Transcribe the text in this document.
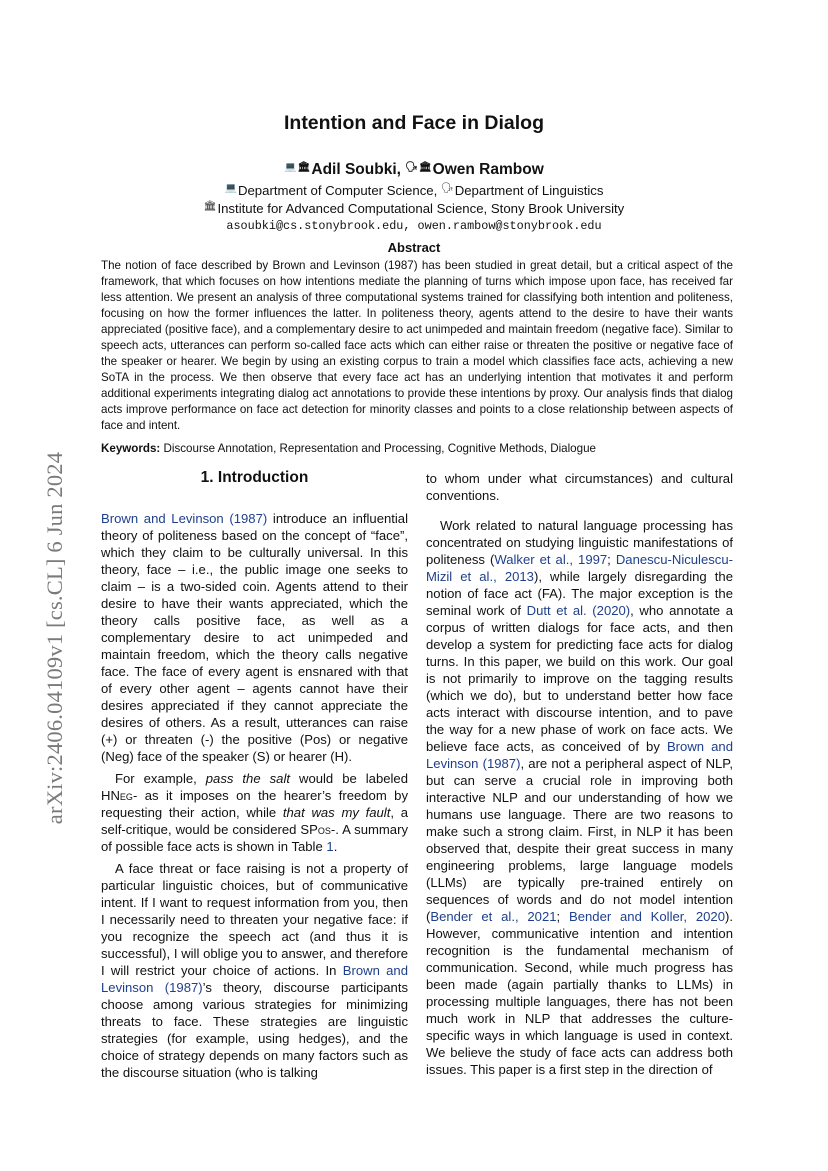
arXiv:2406.04109v1 [cs.CL] 6 Jun 2024
Intention and Face in Dialog
💻🏛Adil Soubki, 🗣🏛Owen Rambow
💻Department of Computer Science, 🗣Department of Linguistics
🏛Institute for Advanced Computational Science, Stony Brook University
asoubki@cs.stonybrook.edu, owen.rambow@stonybrook.edu
Abstract
The notion of face described by Brown and Levinson (1987) has been studied in great detail, but a critical aspect of the framework, that which focuses on how intentions mediate the planning of turns which impose upon face, has received far less attention. We present an analysis of three computational systems trained for classifying both intention and politeness, focusing on how the former influences the latter. In politeness theory, agents attend to the desire to have their wants appreciated (positive face), and a complementary desire to act unimpeded and maintain freedom (negative face). Similar to speech acts, utterances can perform so-called face acts which can either raise or threaten the positive or negative face of the speaker or hearer. We begin by using an existing corpus to train a model which classifies face acts, achieving a new SoTA in the process. We then observe that every face act has an underlying intention that motivates it and perform additional experiments integrating dialog act annotations to provide these intentions by proxy. Our analysis finds that dialog acts improve performance on face act detection for minority classes and points to a close relationship between aspects of face and intent.
Keywords: Discourse Annotation, Representation and Processing, Cognitive Methods, Dialogue
1. Introduction

Brown and Levinson (1987) introduce an influential theory of politeness based on the concept of “face”, which they claim to be culturally universal. In this theory, face – i.e., the public image one seeks to claim – is a two-sided coin. Agents attend to their desire to have their wants appreciated, which the theory calls positive face, as well as a complementary desire to act unimpeded and maintain freedom, which the theory calls negative face. The face of every agent is ensnared with that of every other agent – agents cannot have their desires appreciated if they cannot appreciate the desires of others. As a result, utterances can raise (+) or threaten (-) the positive (Pos) or negative (Neg) face of the speaker (S) or hearer (H).

For example, pass the salt would be labeled HNeg- as it imposes on the hearer’s freedom by requesting their action, while that was my fault, a self-critique, would be considered SPos-. A summary of possible face acts is shown in Table 1.

A face threat or face raising is not a property of particular linguistic choices, but of communicative intent. If I want to request information from you, then I necessarily need to threaten your negative face: if you recognize the speech act (and thus it is successful), I will oblige you to answer, and therefore I will restrict your choice of actions. In Brown and Levinson (1987)’s theory, discourse participants choose among various strategies for minimizing threats to face. These strategies are linguistic strategies (for example, using hedges), and the choice of strategy depends on many factors such as the discourse situation (who is talking

to whom under what circumstances) and cultural conventions.

Work related to natural language processing has concentrated on studying linguistic manifestations of politeness (Walker et al., 1997; Danescu-Niculescu-Mizil et al., 2013), while largely disregarding the notion of face act (FA). The major exception is the seminal work of Dutt et al. (2020), who annotate a corpus of written dialogs for face acts, and then develop a system for predicting face acts for dialog turns. In this paper, we build on this work. Our goal is not primarily to improve on the tagging results (which we do), but to understand better how face acts interact with discourse intention, and to pave the way for a new phase of work on face acts. We believe face acts, as conceived of by Brown and Levinson (1987), are not a peripheral aspect of NLP, but can serve a crucial role in improving both interactive NLP and our understanding of how we humans use language. There are two reasons to make such a strong claim. First, in NLP it has been observed that, despite their great success in many engineering problems, large language models (LLMs) are typically pre-trained entirely on sequences of words and do not model intention (Bender et al., 2021; Bender and Koller, 2020). However, communicative intention and intention recognition is the fundamental mechanism of communication. Second, while much progress has been made (again partially thanks to LLMs) in processing multiple languages, there has not been much work in NLP that addresses the culture-specific ways in which language is used in context. We believe the study of face acts can address both issues. This paper is a first step in the direction of
